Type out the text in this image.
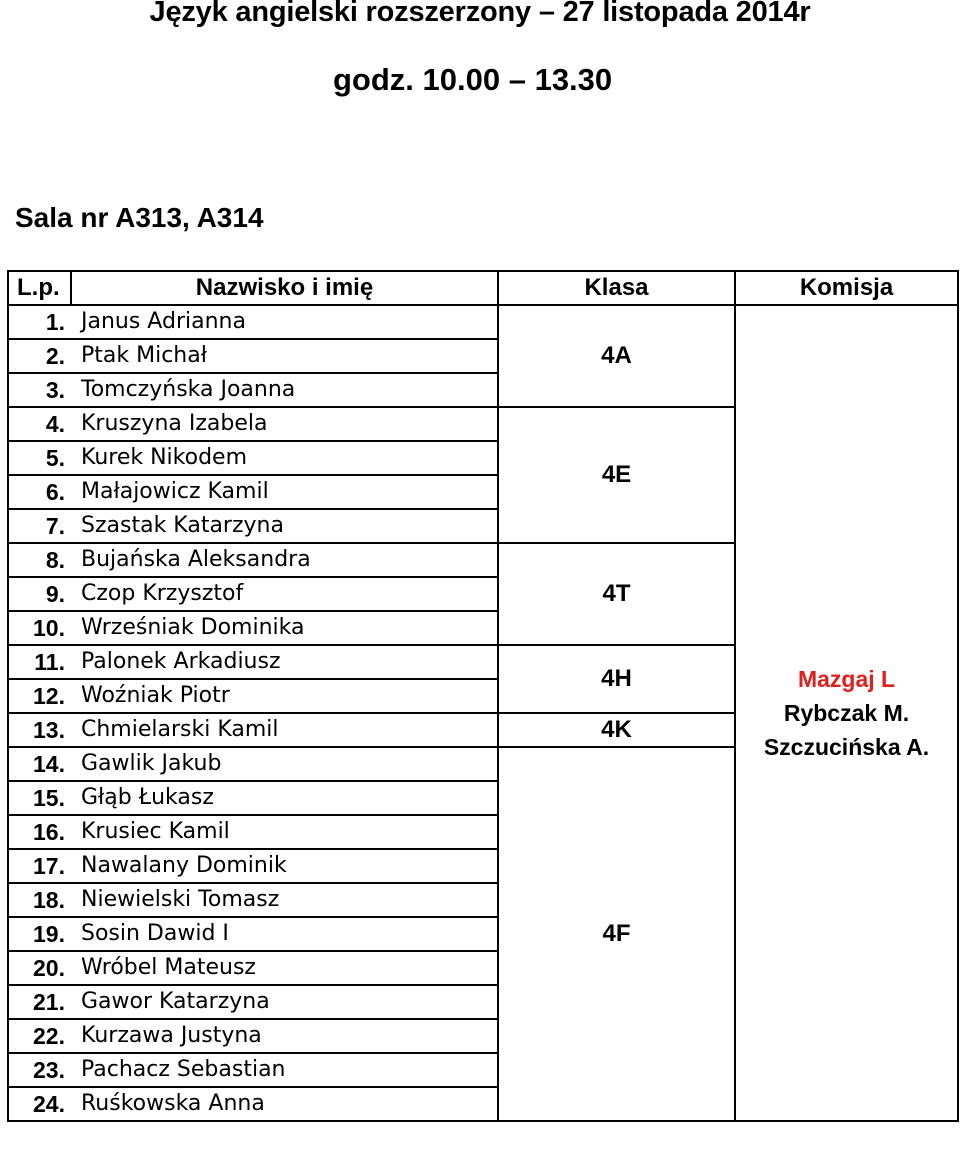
Język angielski rozszerzony – 27 listopada 2014r
godz. 10.00 – 13.30
Sala nr A313, A314
L.p.	Nazwisko i imię	Klasa	Komisja
1.	Janus Adrianna	4A	Mazgaj L
Rybczak M.
Szczucińska A.

2.	Ptak Michał		
3.	Tomczyńska Joanna		
4.	Kruszyna Izabela	4E	
5.	Kurek Nikodem		
6.	Małajowicz Kamil		
7.	Szastak Katarzyna		
8.	Bujańska Aleksandra	4T	
9.	Czop Krzysztof		
10.	Wrześniak Dominika		
11.	Palonek Arkadiusz	4H	
12.	Woźniak Piotr		
13.	Chmielarski Kamil	4K	
14.	Gawlik Jakub	4F	
15.	Głąb Łukasz		
16.	Krusiec Kamil		
17.	Nawalany Dominik		
18.	Niewielski Tomasz		
19.	Sosin Dawid I		
20.	Wróbel Mateusz		
21.	Gawor Katarzyna		
22.	Kurzawa Justyna		
23.	Pachacz Sebastian		
24.	Ruśkowska Anna		
